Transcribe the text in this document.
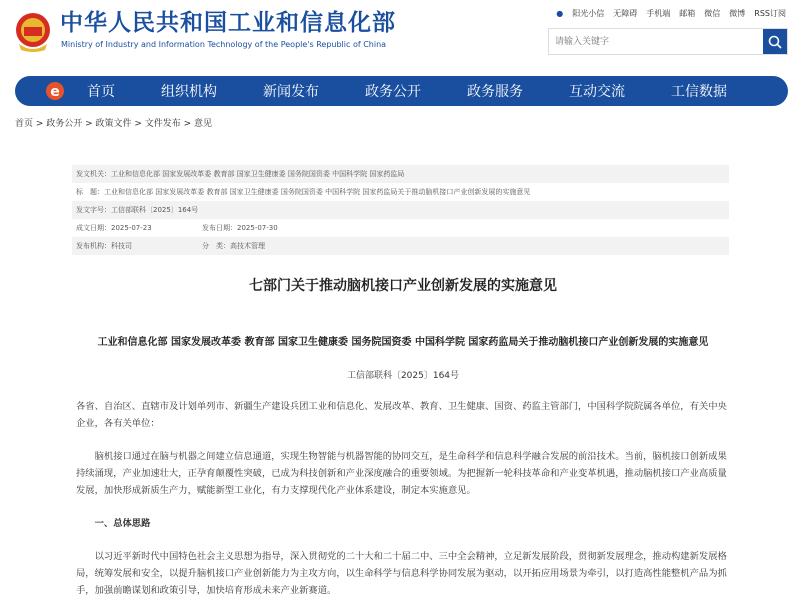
中华人民共和国工业和信息化部
Ministry of Industry and Information Technology of the People's Republic of China
● 阳光小信 无障碍 手机端 邮箱 微信 微博 RSS订阅
请输入关键字
e 首页	组织机构	新闻发布	政务公开	政务服务	互动交流	工信数据
首页 > 政务公开 > 政策文件 > 文件发布 > 意见
发文机关：工业和信息化部 国家发展改革委 教育部 国家卫生健康委 国务院国资委 中国科学院 国家药监局
标　题：工业和信息化部 国家发展改革委 教育部 国家卫生健康委 国务院国资委 中国科学院 国家药监局关于推动脑机接口产业创新发展的实施意见
发文字号：工信部联科〔2025〕164号
成文日期：2025-07-23	发布日期：2025-07-30
发布机构：科技司	分　类：高技术管理
七部门关于推动脑机接口产业创新发展的实施意见
工业和信息化部 国家发展改革委 教育部 国家卫生健康委 国务院国资委 中国科学院 国家药监局关于推动脑机接口产业创新发展的实施意见
工信部联科〔2025〕164号
各省、自治区、直辖市及计划单列市、新疆生产建设兵团工业和信息化、发展改革、教育、卫生健康、国资、药监主管部门，中国科学院院属各单位，有关中央企业，各有关单位：
　　脑机接口通过在脑与机器之间建立信息通道，实现生物智能与机器智能的协同交互，是生命科学和信息科学融合发展的前沿技术。当前，脑机接口创新成果持续涌现，产业加速壮大，正孕育颠覆性突破，已成为科技创新和产业深度融合的重要领域。为把握新一轮科技革命和产业变革机遇，推动脑机接口产业高质量发展，加快形成新质生产力，赋能新型工业化，有力支撑现代化产业体系建设，制定本实施意见。
　　一、总体思路
　　以习近平新时代中国特色社会主义思想为指导，深入贯彻党的二十大和二十届二中、三中全会精神，立足新发展阶段，贯彻新发展理念，推动构建新发展格局，统筹发展和安全，以提升脑机接口产业创新能力为主攻方向，以生命科学与信息科学协同发展为驱动，以开拓应用场景为牵引，以打造高性能整机产品为抓手，加强前瞻谋划和政策引导，加快培育形成未来产业新赛道。
